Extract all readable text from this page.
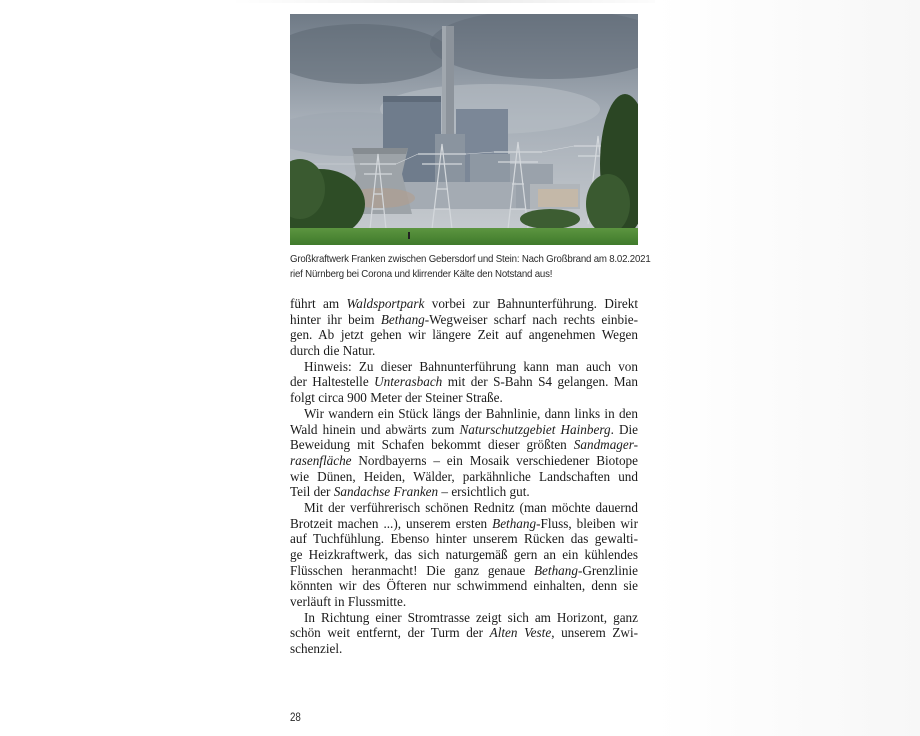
Großkraftwerk Franken zwischen Gebersdorf und Stein: Nach Großbrand am 8.02.2021
rief Nürnberg bei Corona und klirrender Kälte den Notstand aus!
führt am Waldsportpark vorbei zur Bahnunterführung. Direkt
hinter ihr beim Bethang-Wegweiser scharf nach rechts einbie-
gen. Ab jetzt gehen wir längere Zeit auf angenehmen Wegen
durch die Natur.
Hinweis: Zu dieser Bahnunterführung kann man auch von
der Haltestelle Unterasbach mit der S-Bahn S4 gelangen. Man
folgt circa 900 Meter der Steiner Straße.
Wir wandern ein Stück längs der Bahnlinie, dann links in den
Wald hinein und abwärts zum Naturschutzgebiet Hainberg. Die
Beweidung mit Schafen bekommt dieser größten Sandmager-
rasenfläche Nordbayerns – ein Mosaik verschiedener Biotope
wie Dünen, Heiden, Wälder, parkähnliche Landschaften und
Teil der Sandachse Franken – ersichtlich gut.
Mit der verführerisch schönen Rednitz (man möchte dauernd
Brotzeit machen ...), unserem ersten Bethang-Fluss, bleiben wir
auf Tuchfühlung. Ebenso hinter unserem Rücken das gewalti-
ge Heizkraftwerk, das sich naturgemäß gern an ein kühlendes
Flüsschen heranmacht! Die ganz genaue Bethang-Grenzlinie
könnten wir des Öfteren nur schwimmend einhalten, denn sie
verläuft in Flussmitte.
In Richtung einer Stromtrasse zeigt sich am Horizont, ganz
schön weit entfernt, der Turm der Alten Veste, unserem Zwi-
schenziel.
28
